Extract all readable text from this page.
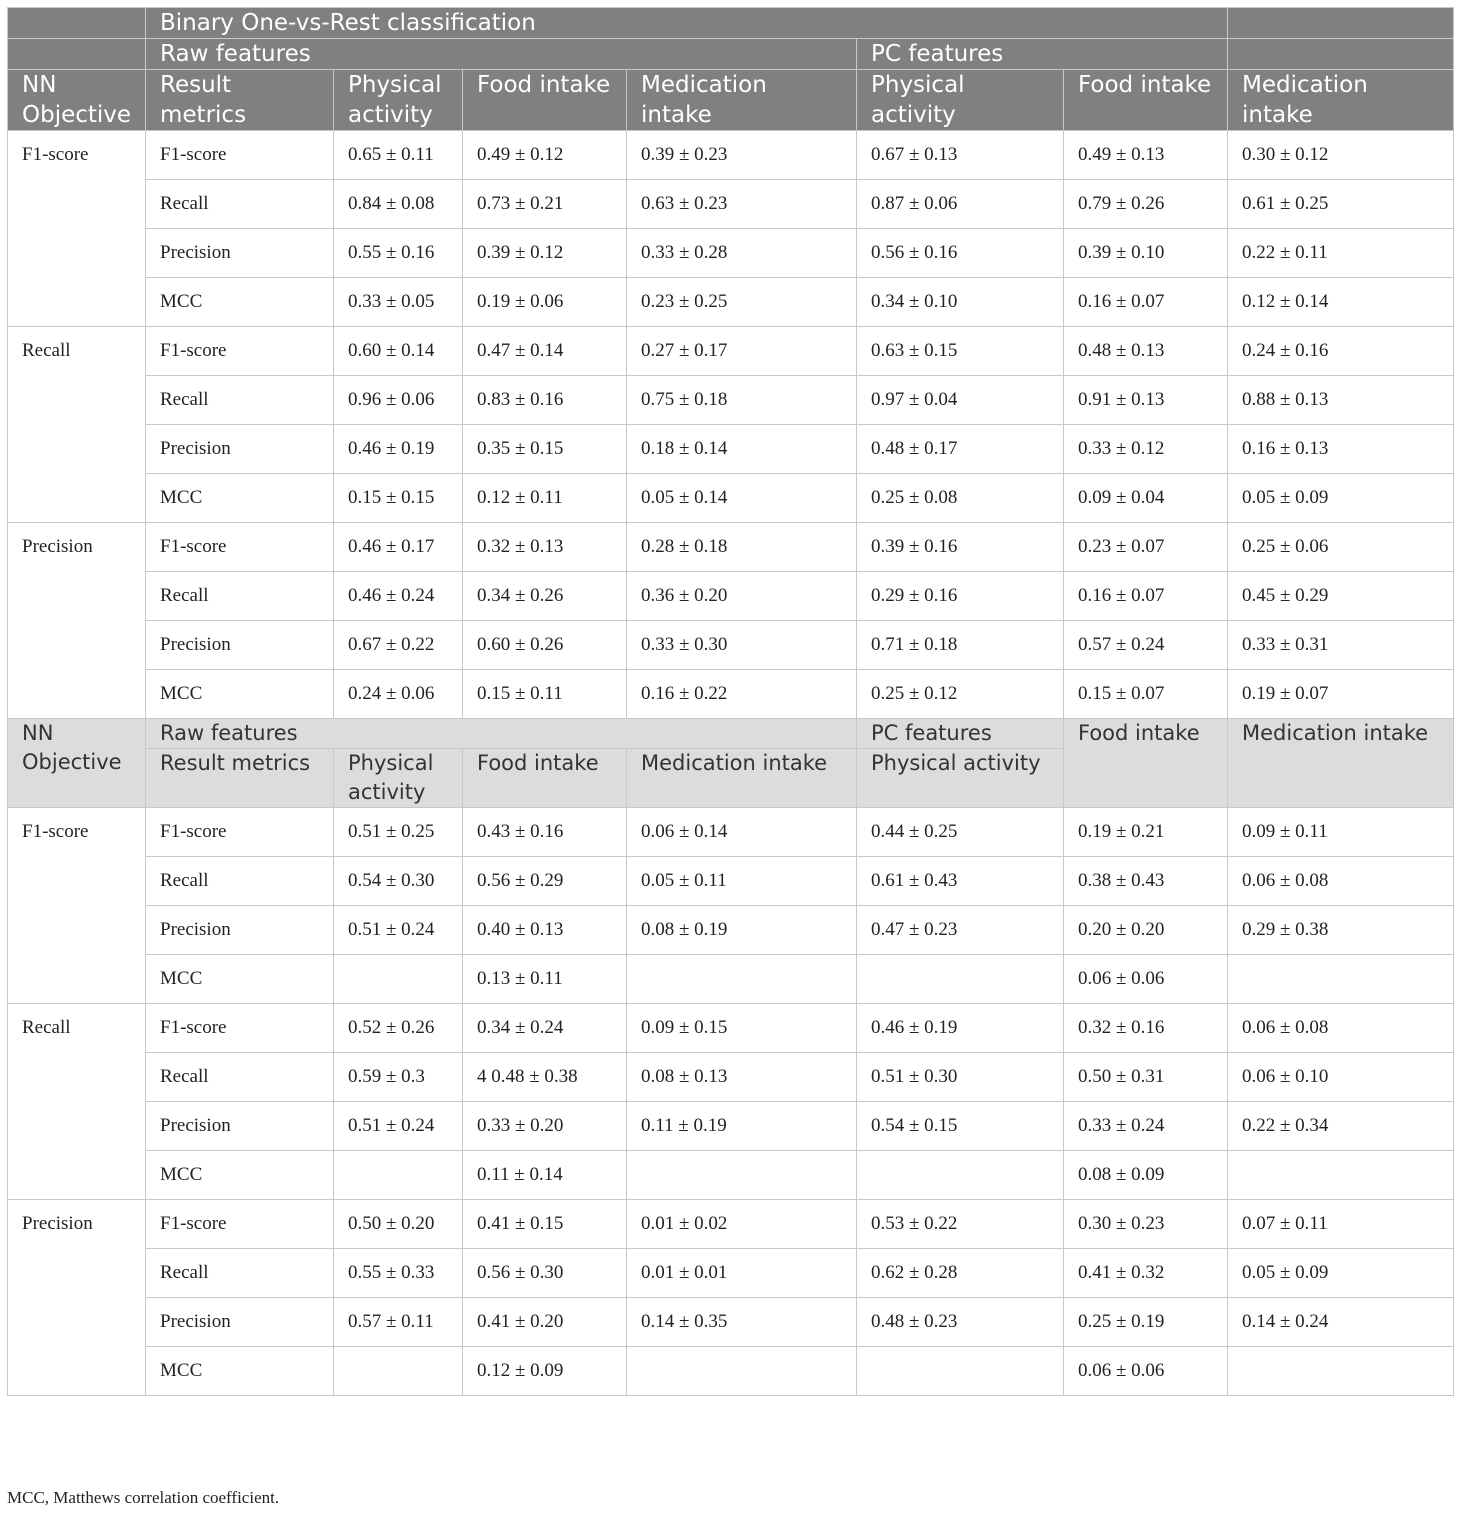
	Binary One-vs-Rest classification						
	Raw features				PC features		
NN Objective	Result metrics	Physical activity	Food intake	Medication intake	Physical activity	Food intake	Medication intake
F1-score	F1-score	0.65 ± 0.11	0.49 ± 0.12	0.39 ± 0.23	0.67 ± 0.13	0.49 ± 0.13	0.30 ± 0.12
	Recall	0.84 ± 0.08	0.73 ± 0.21	0.63 ± 0.23	0.87 ± 0.06	0.79 ± 0.26	0.61 ± 0.25
	Precision	0.55 ± 0.16	0.39 ± 0.12	0.33 ± 0.28	0.56 ± 0.16	0.39 ± 0.10	0.22 ± 0.11
	MCC	0.33 ± 0.05	0.19 ± 0.06	0.23 ± 0.25	0.34 ± 0.10	0.16 ± 0.07	0.12 ± 0.14
Recall	F1-score	0.60 ± 0.14	0.47 ± 0.14	0.27 ± 0.17	0.63 ± 0.15	0.48 ± 0.13	0.24 ± 0.16
	Recall	0.96 ± 0.06	0.83 ± 0.16	0.75 ± 0.18	0.97 ± 0.04	0.91 ± 0.13	0.88 ± 0.13
	Precision	0.46 ± 0.19	0.35 ± 0.15	0.18 ± 0.14	0.48 ± 0.17	0.33 ± 0.12	0.16 ± 0.13
	MCC	0.15 ± 0.15	0.12 ± 0.11	0.05 ± 0.14	0.25 ± 0.08	0.09 ± 0.04	0.05 ± 0.09
Precision	F1-score	0.46 ± 0.17	0.32 ± 0.13	0.28 ± 0.18	0.39 ± 0.16	0.23 ± 0.07	0.25 ± 0.06
	Recall	0.46 ± 0.24	0.34 ± 0.26	0.36 ± 0.20	0.29 ± 0.16	0.16 ± 0.07	0.45 ± 0.29
	Precision	0.67 ± 0.22	0.60 ± 0.26	0.33 ± 0.30	0.71 ± 0.18	0.57 ± 0.24	0.33 ± 0.31
	MCC	0.24 ± 0.06	0.15 ± 0.11	0.16 ± 0.22	0.25 ± 0.12	0.15 ± 0.07	0.19 ± 0.07
NN Objective	Raw features				PC features	Food intake	Medication intake
	Result metrics	Physical activity	Food intake	Medication intake	Physical activity		
F1-score	F1-score	0.51 ± 0.25	0.43 ± 0.16	0.06 ± 0.14	0.44 ± 0.25	0.19 ± 0.21	0.09 ± 0.11
	Recall	0.54 ± 0.30	0.56 ± 0.29	0.05 ± 0.11	0.61 ± 0.43	0.38 ± 0.43	0.06 ± 0.08
	Precision	0.51 ± 0.24	0.40 ± 0.13	0.08 ± 0.19	0.47 ± 0.23	0.20 ± 0.20	0.29 ± 0.38
	MCC		0.13 ± 0.11			0.06 ± 0.06	
Recall	F1-score	0.52 ± 0.26	0.34 ± 0.24	0.09 ± 0.15	0.46 ± 0.19	0.32 ± 0.16	0.06 ± 0.08
	Recall	0.59 ± 0.3	4 0.48 ± 0.38	0.08 ± 0.13	0.51 ± 0.30	0.50 ± 0.31	0.06 ± 0.10
	Precision	0.51 ± 0.24	0.33 ± 0.20	0.11 ± 0.19	0.54 ± 0.15	0.33 ± 0.24	0.22 ± 0.34
	MCC		0.11 ± 0.14			0.08 ± 0.09	
Precision	F1-score	0.50 ± 0.20	0.41 ± 0.15	0.01 ± 0.02	0.53 ± 0.22	0.30 ± 0.23	0.07 ± 0.11
	Recall	0.55 ± 0.33	0.56 ± 0.30	0.01 ± 0.01	0.62 ± 0.28	0.41 ± 0.32	0.05 ± 0.09
	Precision	0.57 ± 0.11	0.41 ± 0.20	0.14 ± 0.35	0.48 ± 0.23	0.25 ± 0.19	0.14 ± 0.24
	MCC		0.12 ± 0.09			0.06 ± 0.06	
MCC, Matthews correlation coefficient.
